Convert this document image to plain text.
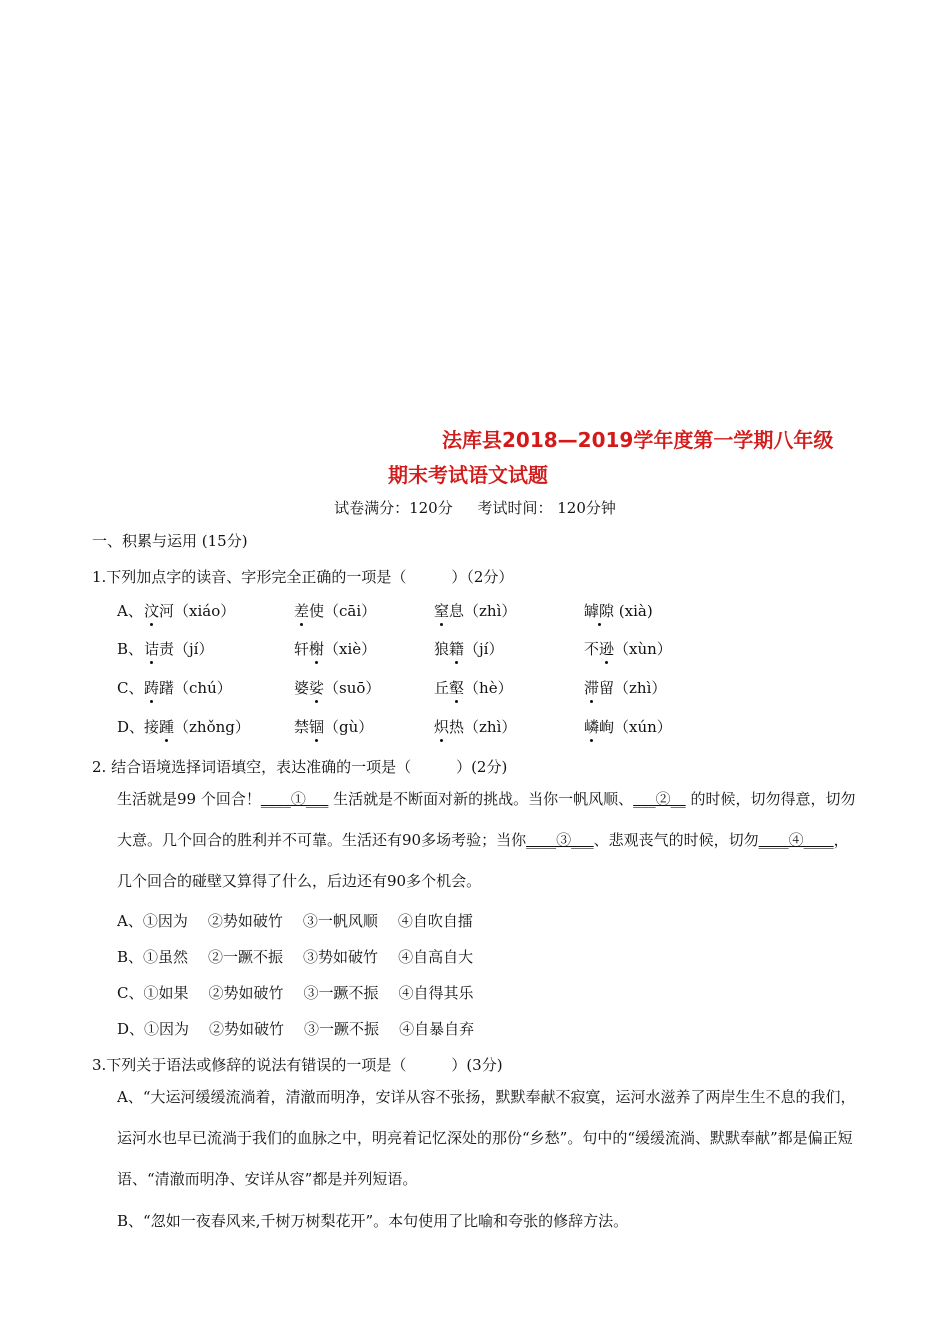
法库县2018—2019学年度第一学期八年级
期末考试语文试题
试卷满分：120分 考试时间： 120分钟
一、积累与运用 (15分)
1.下列加点字的读音、字形完全正确的一项是（　　　）（2分）
A、汶河（xiáo）	差使（cāi）	窒息（zhì）	罅隙 (xià)
B、诘责（jí）	轩榭（xiè）	狼籍（jí）	不逊（xùn）
C、踌躇（chú）	婆娑（suō）	丘壑（hè）	滞留（zhì）
D、接踵（zhǒng）	禁锢（gù）	炽热（zhì）	嶙峋（xún）
2. 结合语境选择词语填空，表达准确的一项是（　　　）(2分)
生活就是99 个回合！____①___ 生活就是不断面对新的挑战。当你一帆风顺、___②__ 的时候，切勿得意，切勿大意。几个回合的胜利并不可靠。生活还有90多场考验；当你____③___、悲观丧气的时候，切勿____④____，几个回合的碰壁又算得了什么，后边还有90多个机会。
A、①因为 ②势如破竹 ③一帆风顺 ④自吹自擂
B、①虽然 ②一蹶不振 ③势如破竹 ④自高自大
C、①如果 ②势如破竹 ③一蹶不振 ④自得其乐
D、①因为 ②势如破竹 ③一蹶不振 ④自暴自弃
3.下列关于语法或修辞的说法有错误的一项是（　　　）(3分)
A、“大运河缓缓流淌着，清澈而明净，安详从容不张扬，默默奉献不寂寞，运河水滋养了两岸生生不息的我们，运河水也早已流淌于我们的血脉之中，明亮着记忆深处的那份“乡愁”。句中的“缓缓流淌、默默奉献”都是偏正短语、“清澈而明净、安详从容”都是并列短语。
B、“忽如一夜春风来,千树万树梨花开”。本句使用了比喻和夸张的修辞方法。
